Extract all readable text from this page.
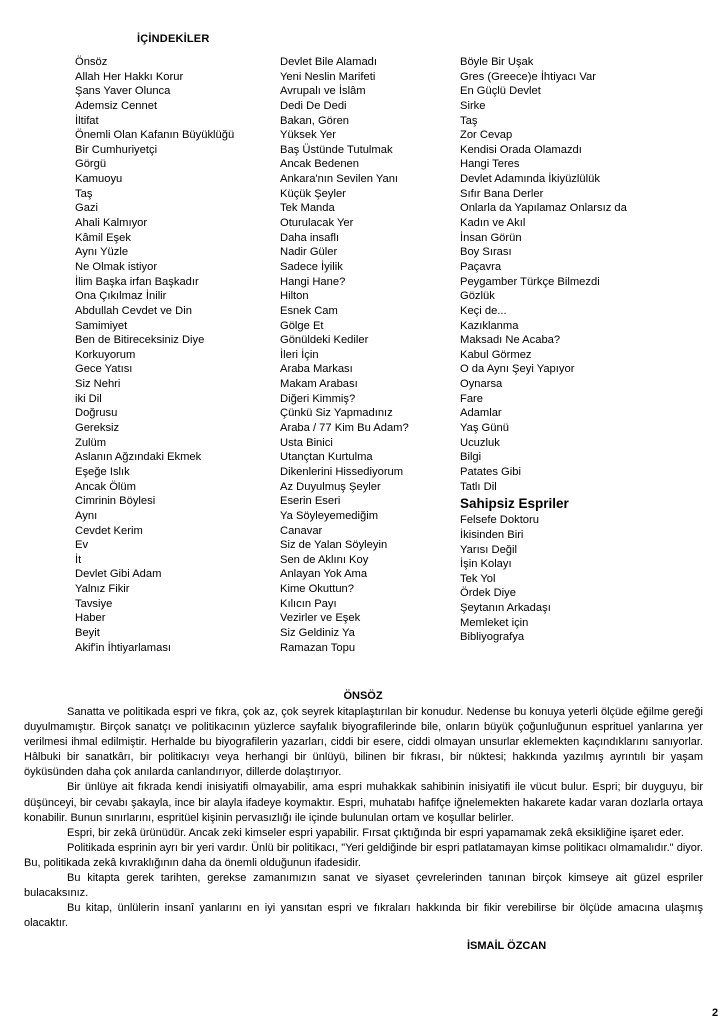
İÇİNDEKİLER
Önsöz
Allah Her Hakkı Korur
Şans Yaver Olunca
Ademsiz Cennet
İltifat
Önemli Olan Kafanın Büyüklüğü
Bir Cumhuriyetçi
Görgü
Kamuoyu
Taş
Gazi
Ahali Kalmıyor
Kâmil Eşek
Aynı Yüzle
Ne Olmak istiyor
İlim Başka irfan Başkadır
Ona Çıkılmaz İnilir
Abdullah Cevdet ve Din
Samimiyet
Ben de Bitireceksiniz Diye
Korkuyorum
Gece Yatısı
Siz Nehri
iki Dil
Doğrusu
Gereksiz
Zulüm
Aslanın Ağzındaki Ekmek
Eşeğe Islık
Ancak Ölüm
Cimrinin Böylesi
Aynı
Cevdet Kerim
Ev
İt
Devlet Gibi Adam
Yalnız Fikir
Tavsiye
Haber
Beyit
Akif'in İhtiyarlaması
Devlet Bile Alamadı
Yeni Neslin Marifeti
Avrupalı ve İslâm
Dedi De Dedi
Bakan, Gören
Yüksek Yer
Baş Üstünde Tutulmak
Ancak Bedenen
Ankara'nın Sevilen Yanı
Küçük Şeyler
Tek Manda
Oturulacak Yer
Daha insaflı
Nadir Güler
Sadece İyilik
Hangi Hane?
Hilton
Esnek Cam
Gölge Et
Gönüldeki Kediler
İleri İçin
Araba Markası
Makam Arabası
Diğeri Kimmiş?
Çünkü Siz Yapmadınız
Araba / 77 Kim Bu Adam?
Usta Binici
Utançtan Kurtulma
Dikenlerini Hissediyorum
Az Duyulmuş Şeyler
Eserin Eseri
Ya Söyleyemediğim
Canavar
Siz de Yalan Söyleyin
Sen de Aklını Koy
Anlayan Yok Ama
Kime Okuttun?
Kılıcın Payı
Vezirler ve Eşek
Siz Geldiniz Ya
Ramazan Topu
Böyle Bir Uşak
Gres (Greece)e İhtiyacı Var
En Güçlü Devlet
Sirke
Taş
Zor Cevap
Kendisi Orada Olamazdı
Hangi Teres
Devlet Adamında İkiyüzlülük
Sıfır Bana Derler
Onlarla da Yapılamaz Onlarsız da
Kadın ve Akıl
İnsan Görün
Boy Sırası
Paçavra
Peygamber Türkçe Bilmezdi
Gözlük
Keçi de...
Kazıklanma
Maksadı Ne Acaba?
Kabul Görmez
O da Aynı Şeyi Yapıyor
Oynarsa
Fare
Adamlar
Yaş Günü
Ucuzluk
Bilgi
Patates Gibi
Tatlı Dil
Sahipsiz Espriler
Felsefe Doktoru
İkisinden Biri
Yarısı Değil
İşin Kolayı
Tek Yol
Ördek Diye
Şeytanın Arkadaşı
Memleket için
Bibliyografya
ÖNSÖZ

Sanatta ve politikada espri ve fıkra, çok az, çok seyrek kitaplaştırılan bir konudur. Nedense bu konuya yeterli ölçüde eğilme gereği duyulmamıştır. Birçok sanatçı ve politikacının yüzlerce sayfalık biyografilerinde bile, onların büyük çoğunluğunun esprituel yanlarına yer verilmesi ihmal edilmiştir. Herhalde bu biyografilerin yazarları, ciddi bir esere, ciddi olmayan unsurlar eklemekten kaçındıklarını sanıyorlar. Hâlbuki bir sanatkârı, bir politikacıyı veya herhangi bir ünlüyü, bilinen bir fıkrası, bir nüktesi; hakkında yazılmış ayrıntılı bir yaşam öyküsünden daha çok anılarda canlandırıyor, dillerde dolaştırıyor.

Bir ünlüye ait fıkrada kendi inisiyatifi olmayabilir, ama espri muhakkak sahibinin inisiyatifi ile vücut bulur. Espri; bir duyguyu, bir düşünceyi, bir cevabı şakayla, ince bir alayla ifadeye koymaktır. Espri, muhatabı hafifçe iğnelemekten hakarete kadar varan dozlarla ortaya konabilir. Bunun sınırlarını, espritüel kişinin pervasızlığı ile içinde bulunulan ortam ve koşullar belirler.

Espri, bir zekâ ürünüdür. Ancak zeki kimseler espri yapabilir. Fırsat çıktığında bir espri yapamamak zekâ eksikliğine işaret eder.

Politikada esprinin ayrı bir yeri vardır. Ünlü bir politikacı, "Yeri geldiğinde bir espri patlatamayan kimse politikacı olmamalıdır." diyor. Bu, politikada zekâ kıvraklığının daha da önemli olduğunun ifadesidir.

Bu kitapta gerek tarihten, gerekse zamanımızın sanat ve siyaset çevrelerinden tanınan birçok kimseye ait güzel espriler bulacaksınız.

Bu kitap, ünlülerin insanî yanlarını en iyi yansıtan espri ve fıkraları hakkında bir fikir verebilirse bir ölçüde amacına ulaşmış olacaktır.

İSMAİL ÖZCAN
2
